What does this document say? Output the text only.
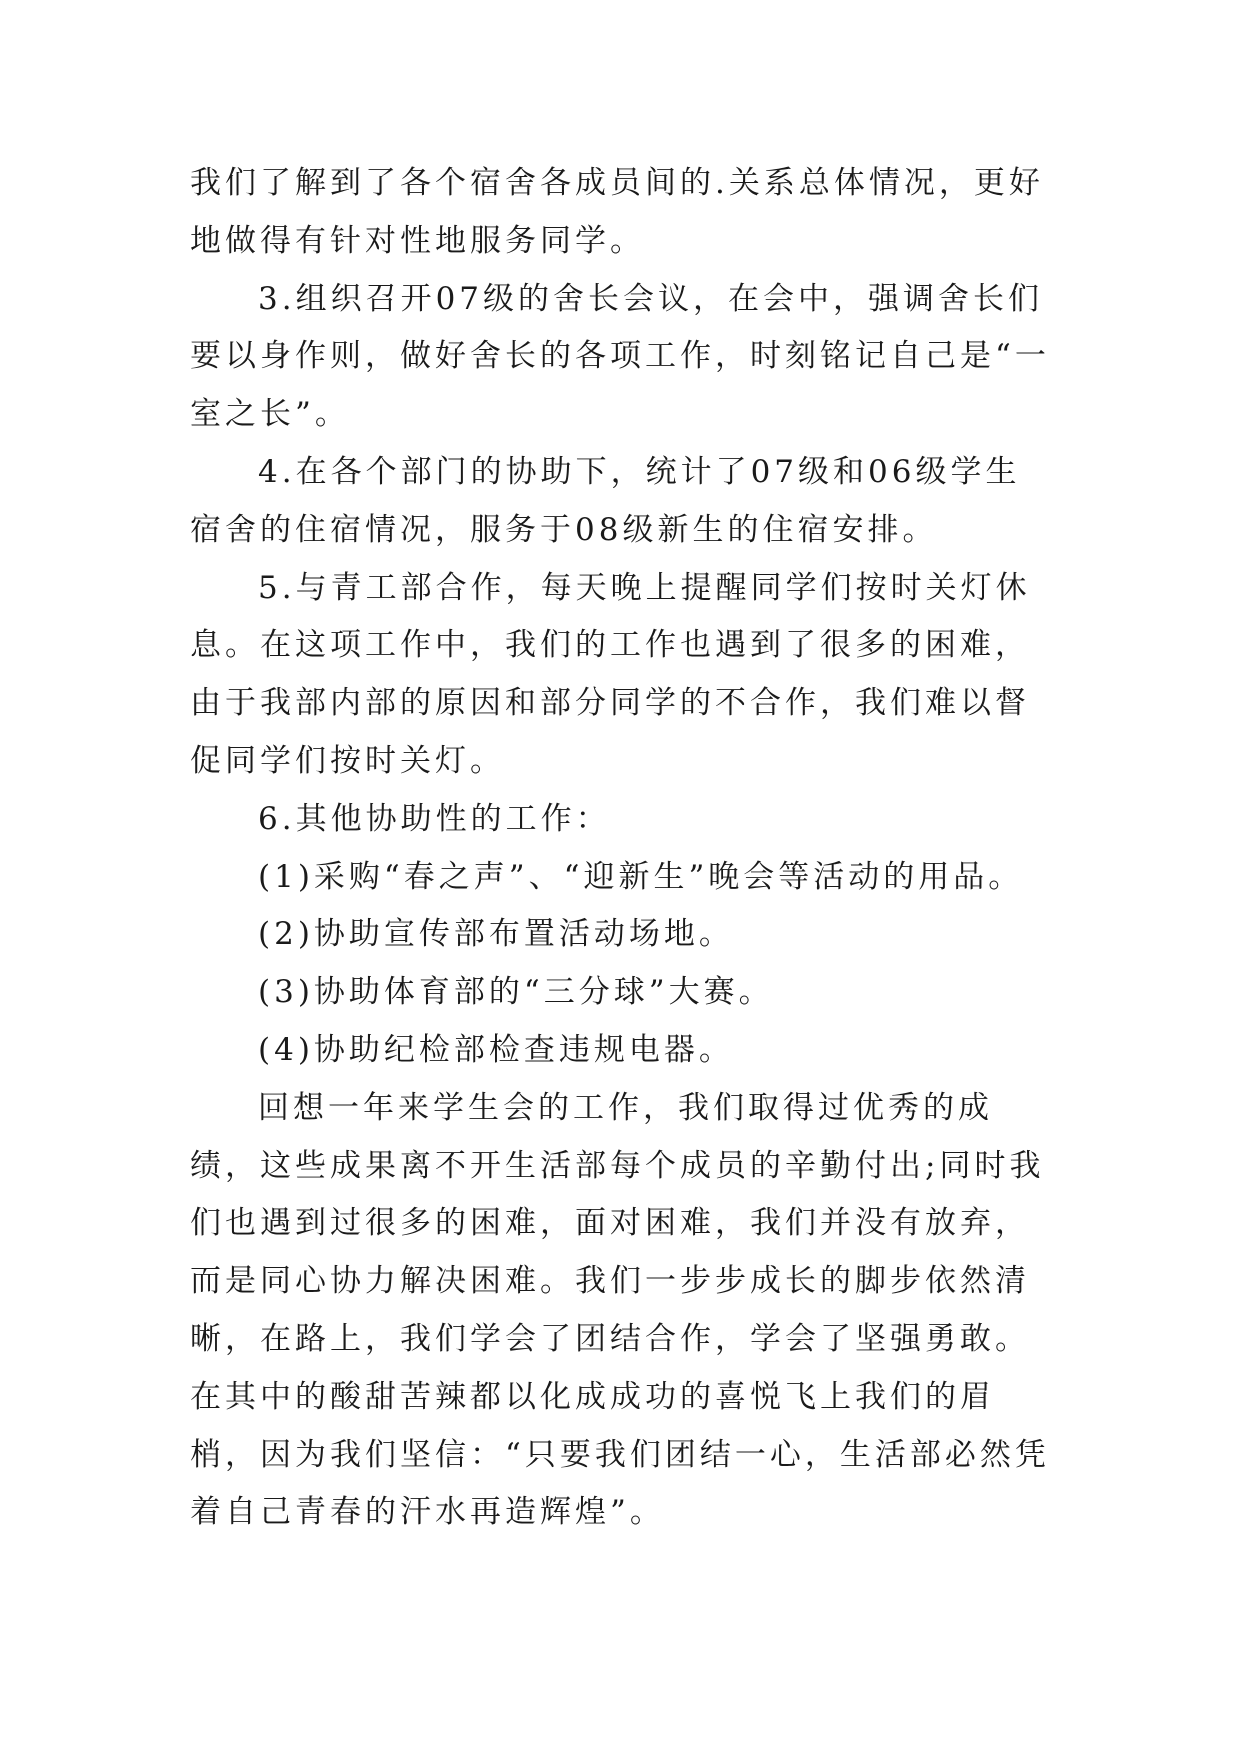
我们了解到了各个宿舍各成员间的.关系总体情况，更好地做得有针对性地服务同学。

3.组织召开07级的舍长会议，在会中，强调舍长们要以身作则，做好舍长的各项工作，时刻铭记自己是“一室之长”。

4.在各个部门的协助下，统计了07级和06级学生宿舍的住宿情况，服务于08级新生的住宿安排。

5.与青工部合作，每天晚上提醒同学们按时关灯休息。在这项工作中，我们的工作也遇到了很多的困难，由于我部内部的原因和部分同学的不合作，我们难以督促同学们按时关灯。

6.其他协助性的工作：

(1)采购“春之声”、“迎新生”晚会等活动的用品。

(2)协助宣传部布置活动场地。

(3)协助体育部的“三分球”大赛。

(4)协助纪检部检查违规电器。

回想一年来学生会的工作，我们取得过优秀的成绩，这些成果离不开生活部每个成员的辛勤付出;同时我们也遇到过很多的困难，面对困难，我们并没有放弃，而是同心协力解决困难。我们一步步成长的脚步依然清晰，在路上，我们学会了团结合作，学会了坚强勇敢。在其中的酸甜苦辣都以化成成功的喜悦飞上我们的眉梢，因为我们坚信：“只要我们团结一心，生活部必然凭着自己青春的汗水再造辉煌”。
